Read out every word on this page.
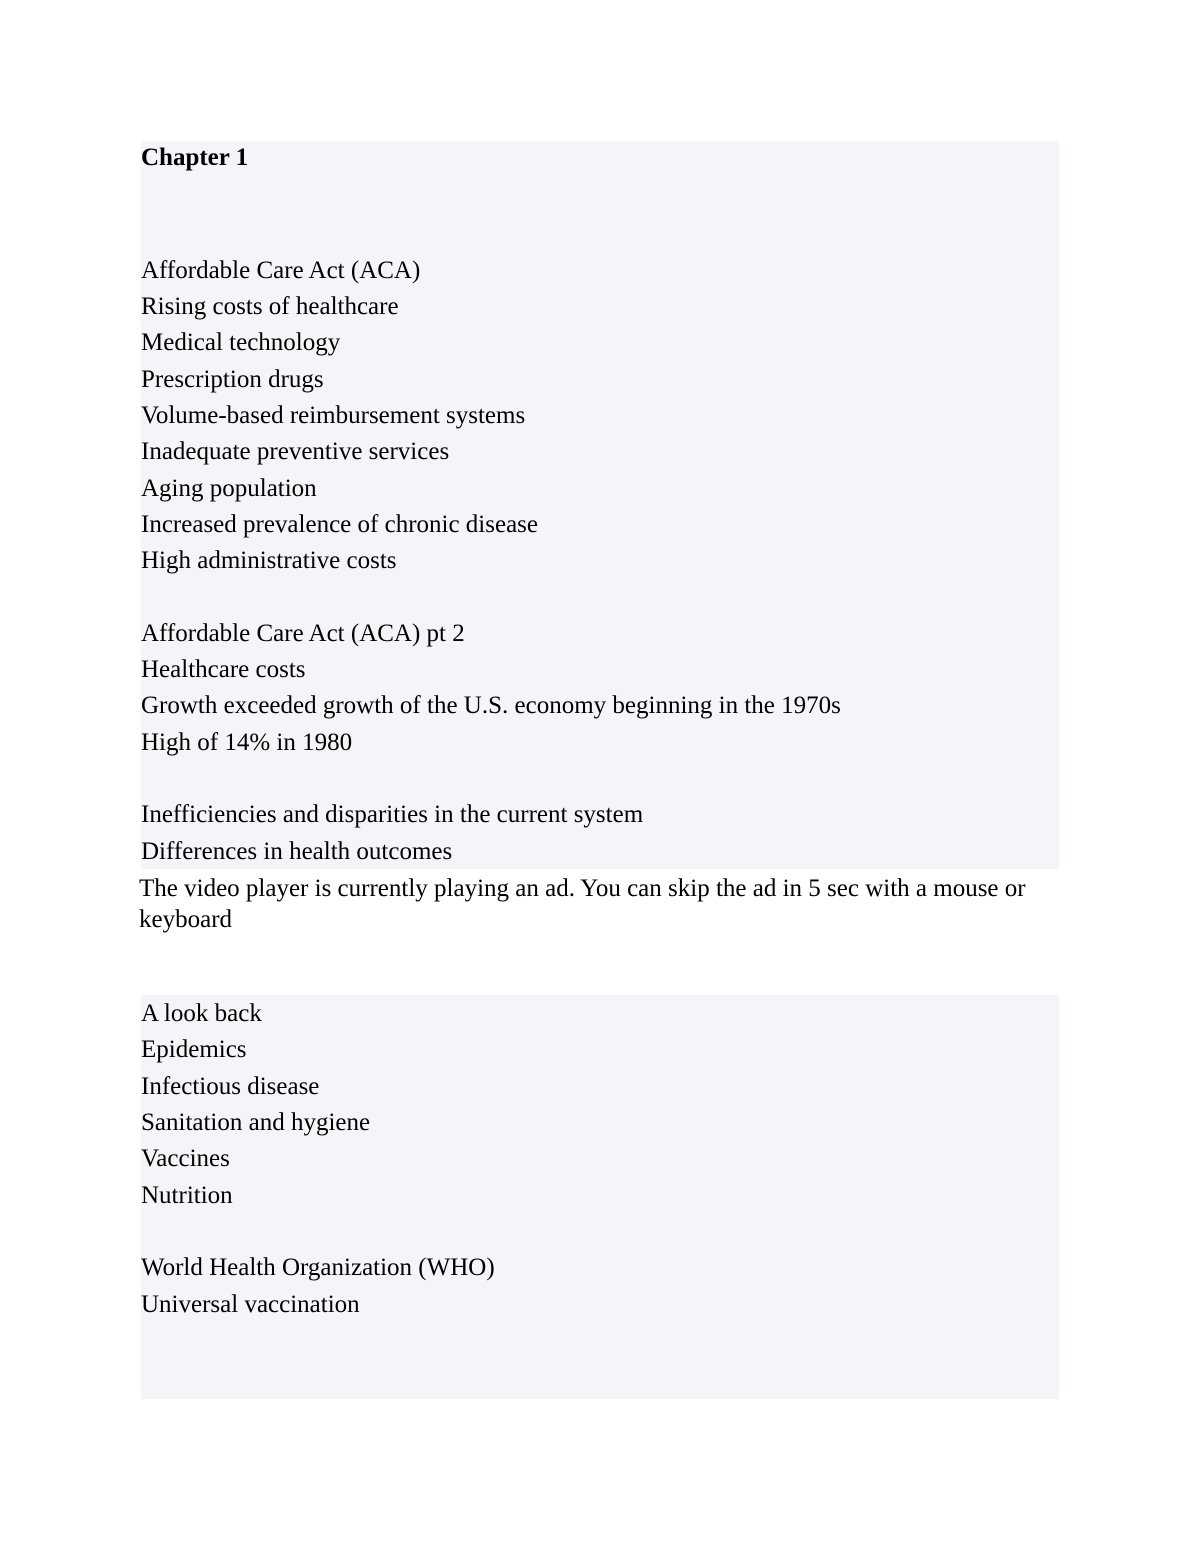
Chapter 1
Affordable Care Act (ACA)
Rising costs of healthcare
Medical technology
Prescription drugs
Volume-based reimbursement systems
Inadequate preventive services
Aging population
Increased prevalence of chronic disease
High administrative costs
Affordable Care Act (ACA) pt 2
Healthcare costs
Growth exceeded growth of the U.S. economy beginning in the 1970s
High of 14% in 1980
Inefficiencies and disparities in the current system
Differences in health outcomes
The video player is currently playing an ad. You can skip the ad in 5 sec with a mouse or keyboard
A look back
Epidemics
Infectious disease
Sanitation and hygiene
Vaccines
Nutrition
World Health Organization (WHO)
Universal vaccination
